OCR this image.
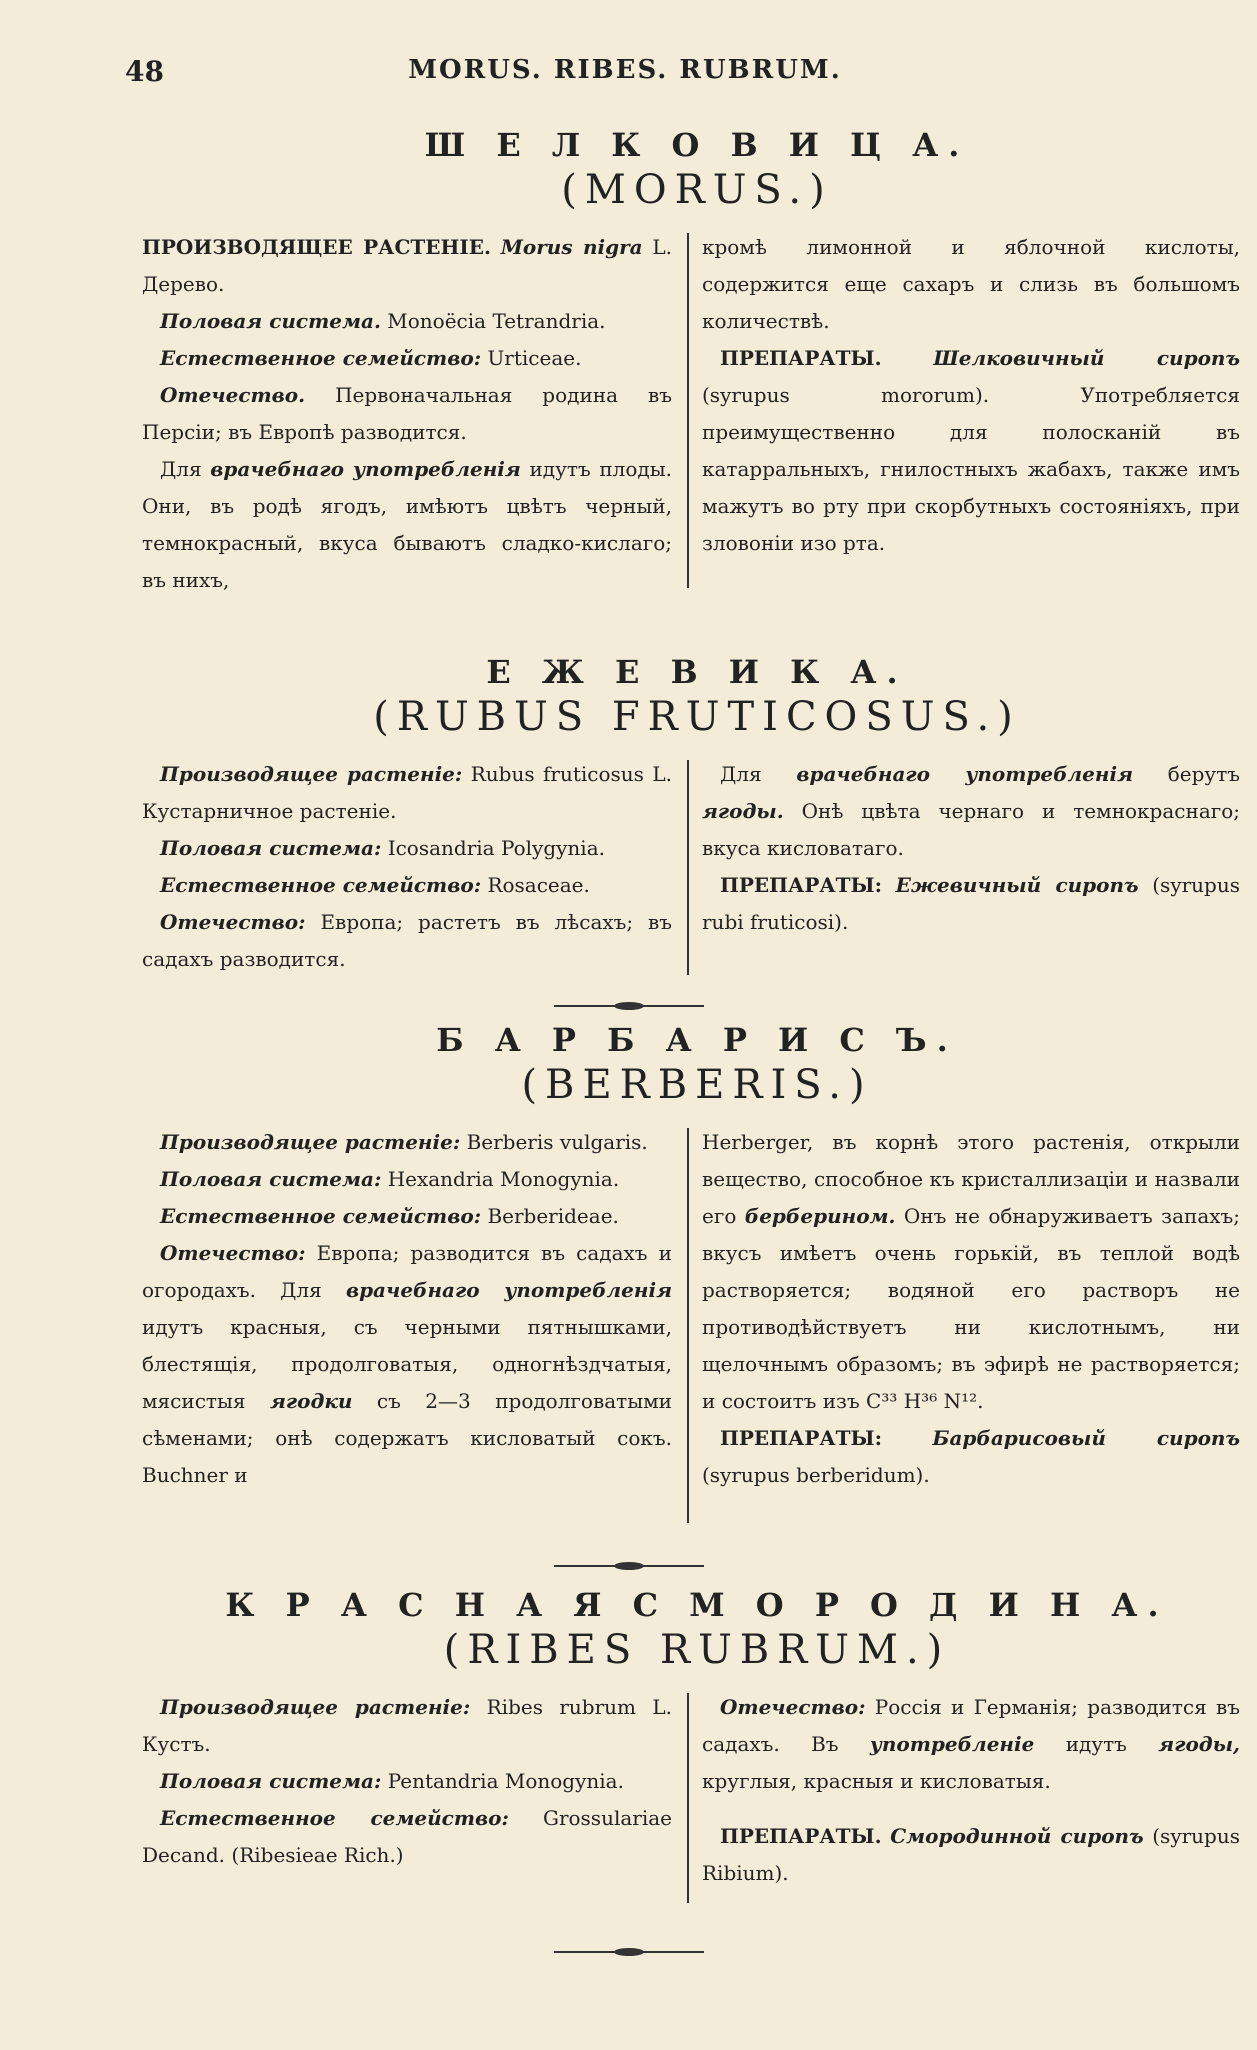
48	MORUS. RIBES. RUBRUM.
Ш Е Л К О В И Ц А.
(MORUS.)

ПРОИЗВОДЯЩЕЕ РАСТЕНІЕ. Morus nigra L. Дерево.

Половая система. Monoëcia Tetrandria.

Естественное семейство: Urticeae.

Отечество. Первоначальная родина въ Персіи; въ Европѣ разводится.

Для врачебнаго употребленія идутъ плоды. Они, въ родѣ ягодъ, имѣютъ цвѣтъ черный, темнокрасный, вкуса бываютъ сладко-кислаго; въ нихъ,

кромѣ лимонной и яблочной кислоты, содержится еще сахаръ и слизь въ большомъ количествѣ.

ПРЕПАРАТЫ.	Шелковичный сиропъ (syrupus mororum). Употребляется преимущественно для полосканій въ катарральныхъ, гнилостныхъ жабахъ, также имъ мажутъ во рту при скорбутныхъ состояніяхъ, при зловоніи изо рта.

Е Ж Е В И К А.
(RUBUS FRUTICOSUS.)

Производящее растеніе: Rubus fruticosus L. Кустарничное растеніе.

Половая система: Icosandria Polygynia.

Естественное семейство: Rosaceae.

Отечество: Европа; растетъ въ лѣсахъ; въ садахъ разводится.

Для врачебнаго употребленія берутъ ягоды. Онѣ цвѣта чернаго и темнокраснаго; вкуса кисловатаго.

ПРЕПАРАТЫ: Ежевичный сиропъ (syrupus rubi fruticosi).

Б А Р Б А Р И С Ъ.
(BERBERIS.)

Производящее растеніе: Berberis vulgaris.

Половая система: Hexandria Monogynia.

Естественное семейство: Berberideae.

Отечество: Европа; разводится въ садахъ и огородахъ. Для врачебнаго употребленія идутъ красныя, съ черными пятнышками, блестящія, продолговатыя, одногнѣздчатыя, мясистыя ягодки съ 2—3 продолговатыми сѣменами; онѣ содержатъ кисловатый сокъ. Buchner и

Herberger, въ корнѣ этого растенія, открыли вещество, способное къ кристаллизаціи и назвали его берберином. Онъ не обнаруживаетъ запахъ; вкусъ имѣетъ очень горькій, въ теплой водѣ растворяется; водяной его растворъ не противодѣйствуетъ ни кислотнымъ, ни щелочнымъ образомъ; въ эфирѣ не растворяется; и состоитъ изъ C³³ H³⁶ N¹².

ПРЕПАРАТЫ:	Барбарисовый сиропъ (syrupus berberidum).

К Р А С Н А Я С М О Р О Д И Н А.
(RIBES RUBRUM.)

Производящее растеніе: Ribes rubrum L. Кустъ.

Половая система: Pentandria Monogynia.

Естественное семейство: Grossulariae Decand. (Ribesieae Rich.)

Отечество: Россія и Германія; разводится въ садахъ. Въ употребленіе идутъ ягоды, круглыя, красныя и кисловатыя.

ПРЕПАРАТЫ. Смородинной сиропъ (syrupus Ribium).
